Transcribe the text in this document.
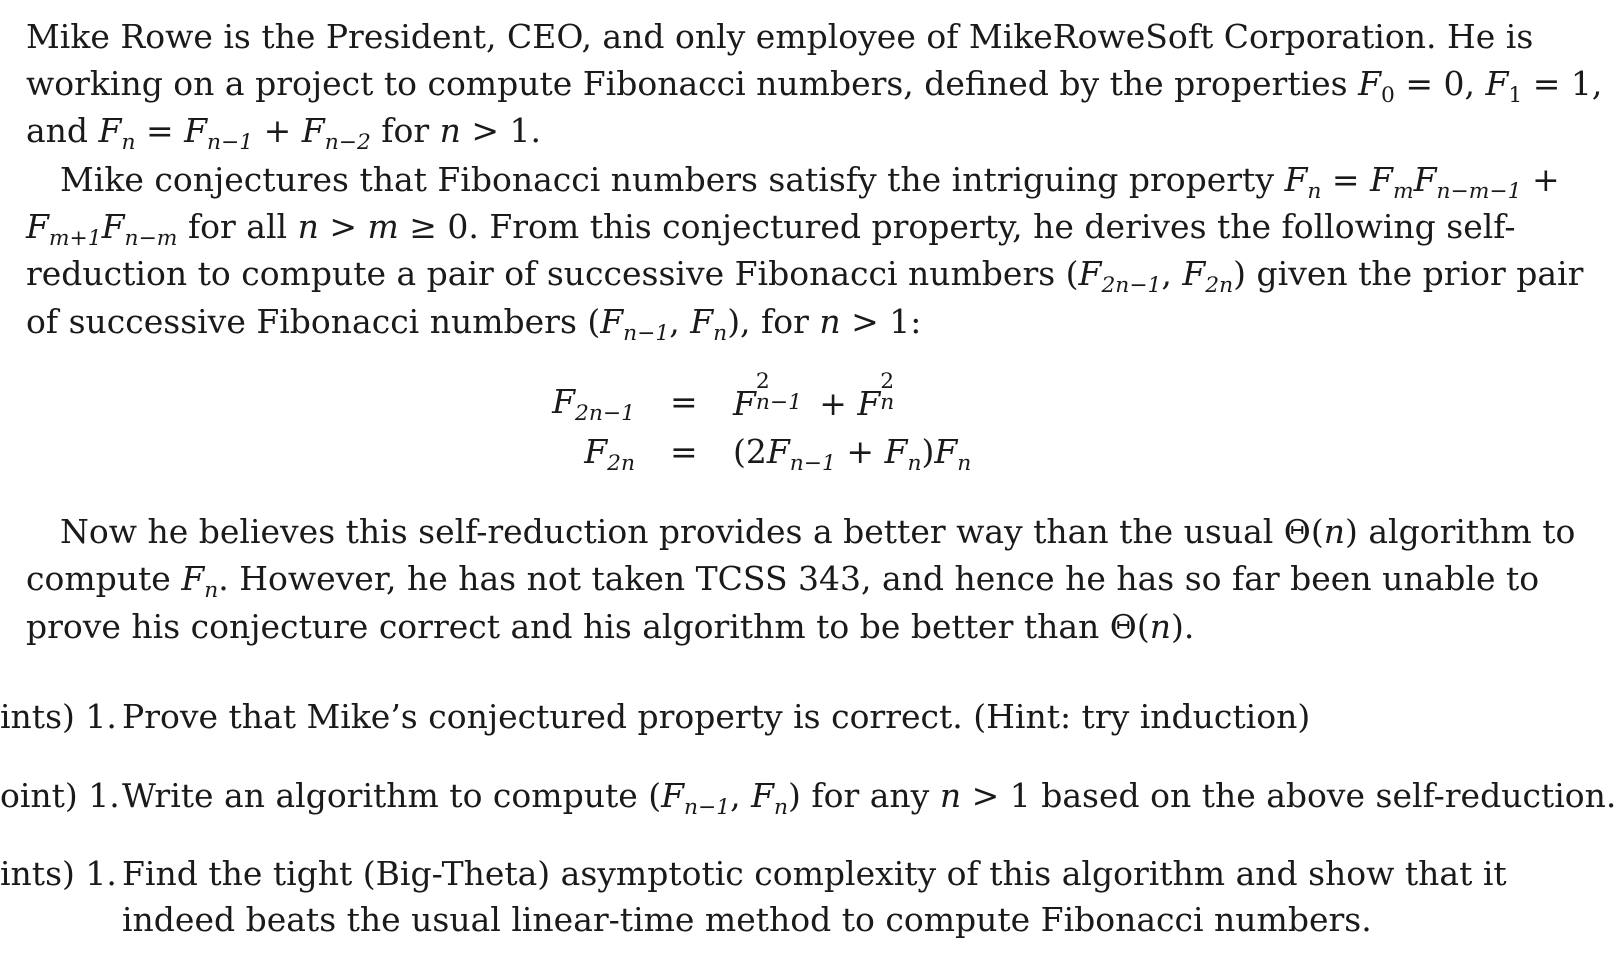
Mike Rowe is the President, CEO, and only employee of MikeRoweSoft Corporation. He is
working on a project to compute Fibonacci numbers, defined by the properties $F_0 = 0$, $F_1 = 1$,
and $F_n = F_{n-1} + F_{n-2}$ for n > 1.
Mike conjectures that Fibonacci numbers satisfy the intriguing property $F_n = F_mF_{n-m-1}$ +
$F_{m+1}F_{n-m}$ for all n > m ≥ 0. From this conjectured property, he derives the following self-
reduction to compute a pair of successive Fibonacci numbers ($F_{2n-1}$, $F_{2n}$) given the prior pair
of successive Fibonacci numbers ($F_{n-1}$, $F_n$), for n > 1:
$F_{2n-1} = F$
2
n−1 + F
2
n
$F_{2n} = (2F_{n-1} + F_n)F_n$
Now he believes this self-reduction provides a better way than the usual Θ(n) algorithm to
compute $F_n$. However, he has not taken TCSS 343, and hence he has so far been unable to
prove his conjecture correct and his algorithm to be better than Θ(n).
ints) 1. Prove that Mike’s conjectured property is correct. (Hint: try induction)
oint) 1. Write an algorithm to compute ($F_{n-1}$, $F_n$) for any n > 1 based on the above self-reduction.
ints) 1. Find the tight (Big-Theta) asymptotic complexity of this algorithm and show that it
indeed beats the usual linear-time method to compute Fibonacci numbers.
